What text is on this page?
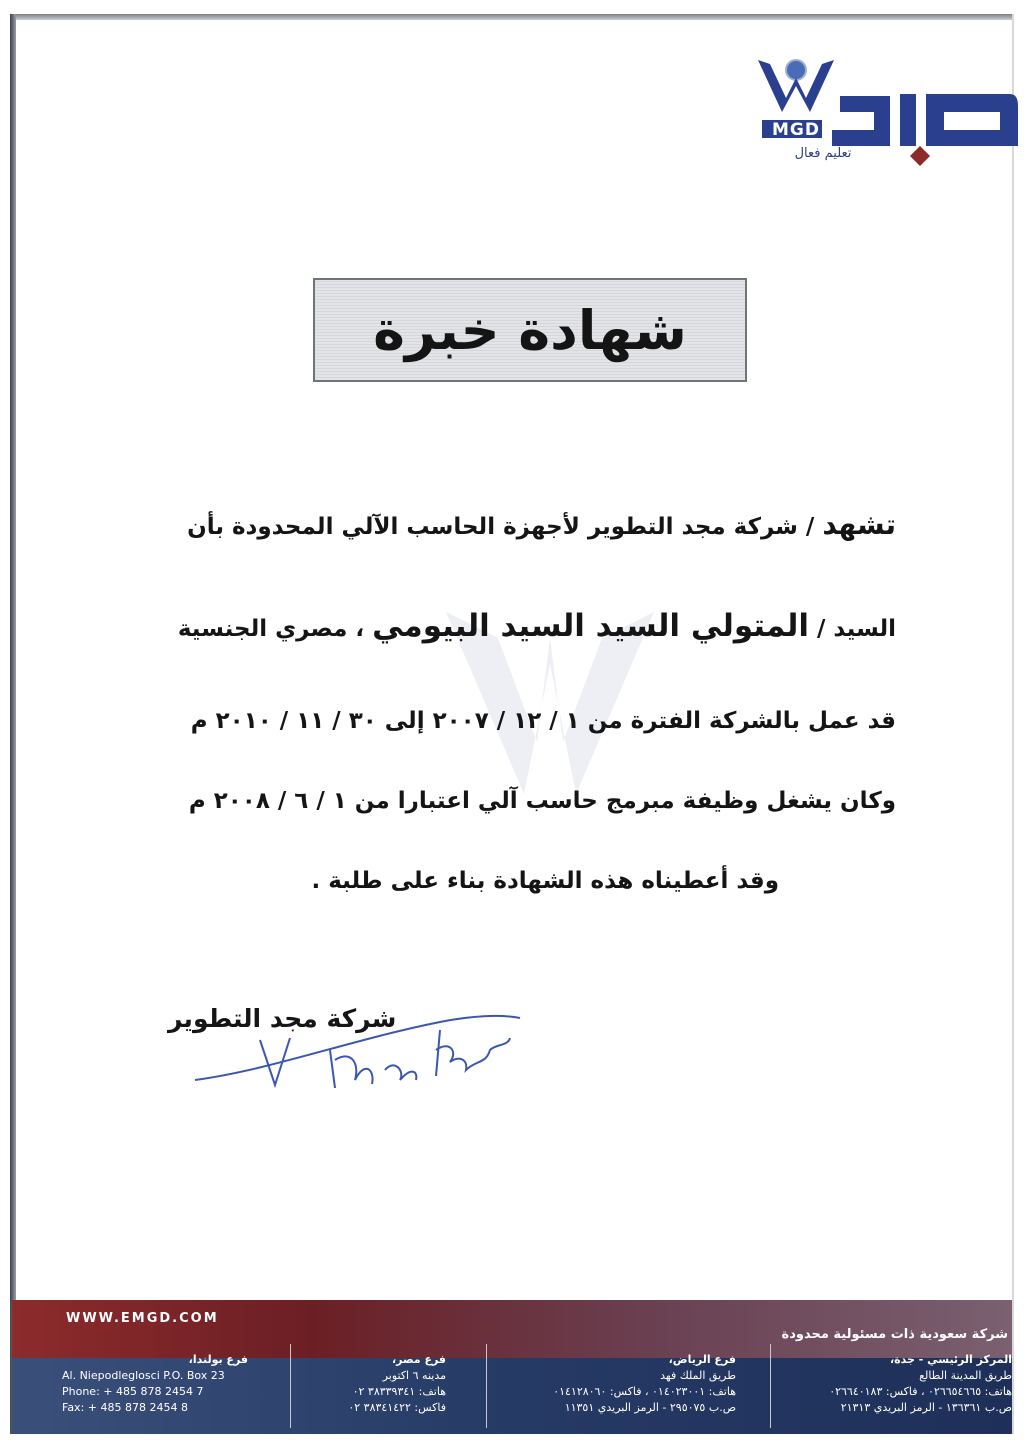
MGD
تعليم فعال
شهادة خبرة
تشهد / شركة مجد التطوير لأجهزة الحاسب الآلي المحدودة بأن
السيد / المتولي السيد السيد البيومي ، مصري الجنسية
قد عمل بالشركة الفترة من ١ / ١٢ / ٢٠٠٧ إلى ٣٠ / ١١ / ٢٠١٠ م
وكان يشغل وظيفة مبرمج حاسب آلي اعتبارا من ١ / ٦ / ٢٠٠٨ م
وقد أعطيناه هذه الشهادة بناء على طلبة .
شركة مجد التطوير
Maha Rayan
WWW.EMGD.COM
شركة سعودية ذات مسئولية محدودة
فرع بولندا،
Al. Niepodleglosci P.O. Box 23
Phone: + 485 878 2454 7
Fax: + 485 878 2454 8
فرع مصر،
مدينه ٦ اكتوبر
هاتف: ٣٨٣٣٩٣٤١ ٠٢
فاكس: ٣٨٣٤١٤٢٢ ٠٢
فرع الرياض،
طريق الملك فهد
هاتف: ٠١٤٠٢٣٠٠١ ، فاكس: ٠١٤١٢٨٠٦٠
ص.ب ٢٩٥٠٧٥ - الرمز البريدي ١١٣٥١
المركز الرئيسي - جدة،
طريق المدينة الطالع
هاتف: ٠٢٦٦٥٤٦٦٥ ، فاكس: ٠٢٦٦٤٠١٨٣
ص.ب ١٣٦٣٦١ - الرمز البريدي ٢١٣١٣
